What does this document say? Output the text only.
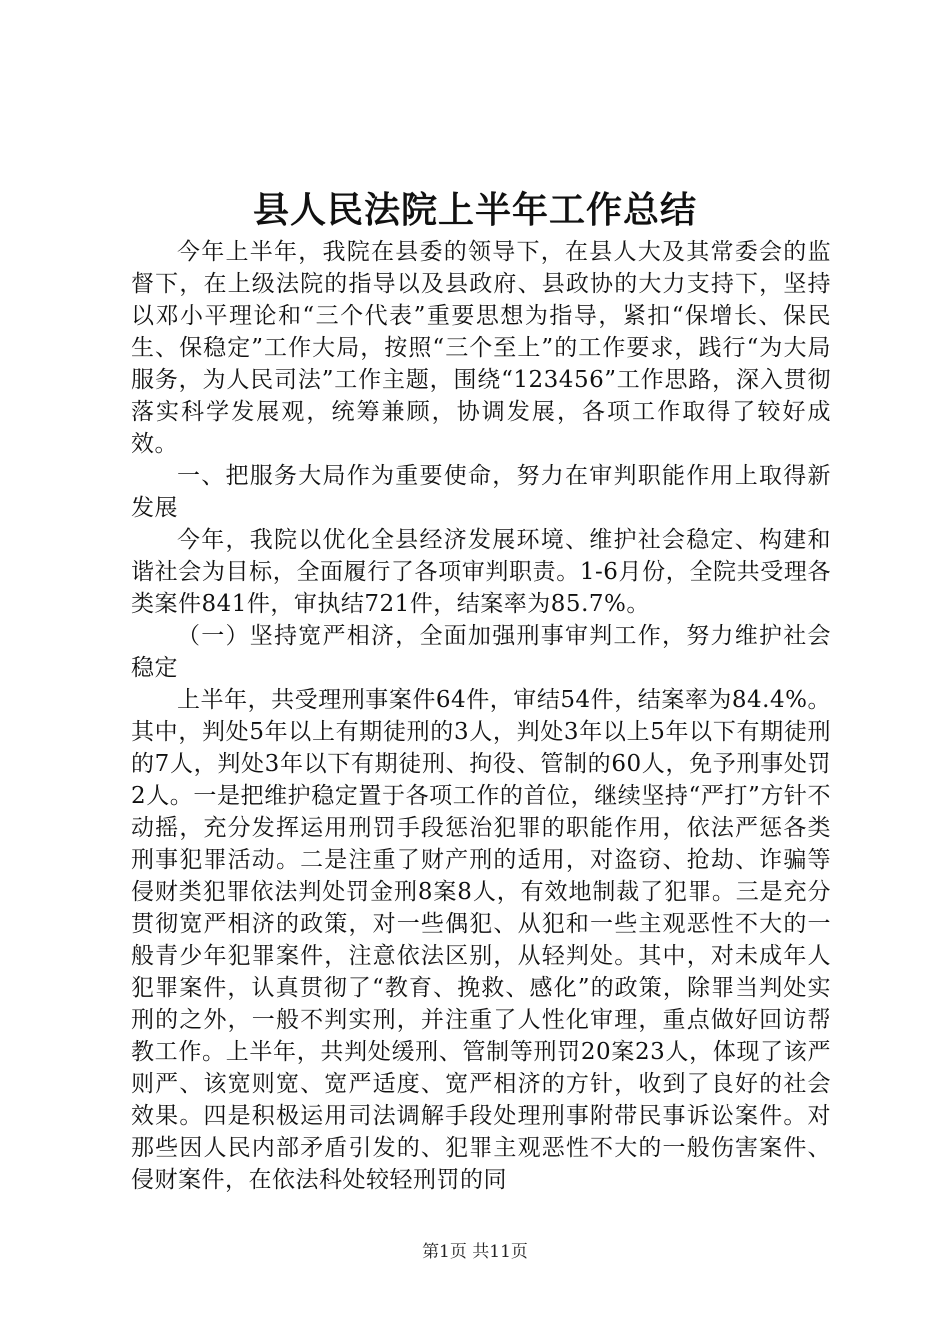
县人民法院上半年工作总结

今年上半年，我院在县委的领导下，在县人大及其常委会的监督下，在上级法院的指导以及县政府、县政协的大力支持下，坚持以邓小平理论和“三个代表”重要思想为指导，紧扣“保增长、保民生、保稳定”工作大局，按照“三个至上”的工作要求，践行“为大局服务，为人民司法”工作主题，围绕“123456”工作思路，深入贯彻落实科学发展观，统筹兼顾，协调发展，各项工作取得了较好成效。

一、把服务大局作为重要使命，努力在审判职能作用上取得新发展

今年，我院以优化全县经济发展环境、维护社会稳定、构建和谐社会为目标，全面履行了各项审判职责。1-6月份，全院共受理各类案件841件，审执结721件，结案率为85.7%。

（一）坚持宽严相济，全面加强刑事审判工作，努力维护社会稳定

上半年，共受理刑事案件64件，审结54件，结案率为84.4%。其中，判处5年以上有期徒刑的3人，判处3年以上5年以下有期徒刑的7人，判处3年以下有期徒刑、拘役、管制的60人，免予刑事处罚2人。一是把维护稳定置于各项工作的首位，继续坚持“严打”方针不动摇，充分发挥运用刑罚手段惩治犯罪的职能作用，依法严惩各类刑事犯罪活动。二是注重了财产刑的适用，对盗窃、抢劫、诈骗等侵财类犯罪依法判处罚金刑8案8人，有效地制裁了犯罪。三是充分贯彻宽严相济的政策，对一些偶犯、从犯和一些主观恶性不大的一般青少年犯罪案件，注意依法区别，从轻判处。其中，对未成年人犯罪案件，认真贯彻了“教育、挽救、感化”的政策，除罪当判处实刑的之外，一般不判实刑，并注重了人性化审理，重点做好回访帮教工作。上半年，共判处缓刑、管制等刑罚20案23人，体现了该严则严、该宽则宽、宽严适度、宽严相济的方针，收到了良好的社会效果。四是积极运用司法调解手段处理刑事附带民事诉讼案件。对那些因人民内部矛盾引发的、犯罪主观恶性不大的一般伤害案件、侵财案件，在依法科处较轻刑罚的同

第1页 共11页
